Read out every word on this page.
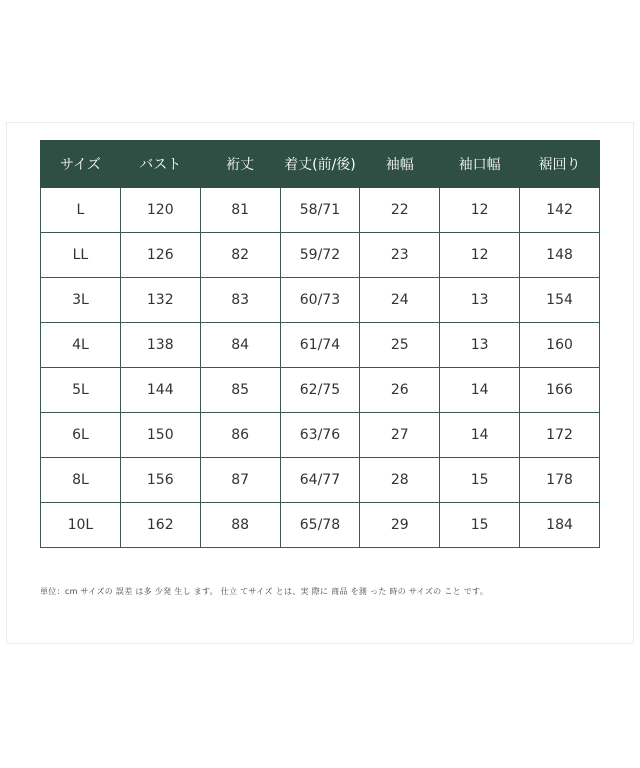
サイズ	バスト	裄丈	着丈(前/後)	袖幅	袖口幅	裾回り
L	120	81	58/71	22	12	142
LL	126	82	59/72	23	12	148
3L	132	83	60/73	24	13	154
4L	138	84	61/74	25	13	160
5L	144	85	62/75	26	14	166
6L	150	86	63/76	27	14	172
8L	156	87	64/77	28	15	178
10L	162	88	65/78	29	15	184
単位：cm サイズの 誤差 は多 少発 生し ます。 仕立 てサイズ とは、実 際に 商品 を測 った 時の サイズの こと です。
